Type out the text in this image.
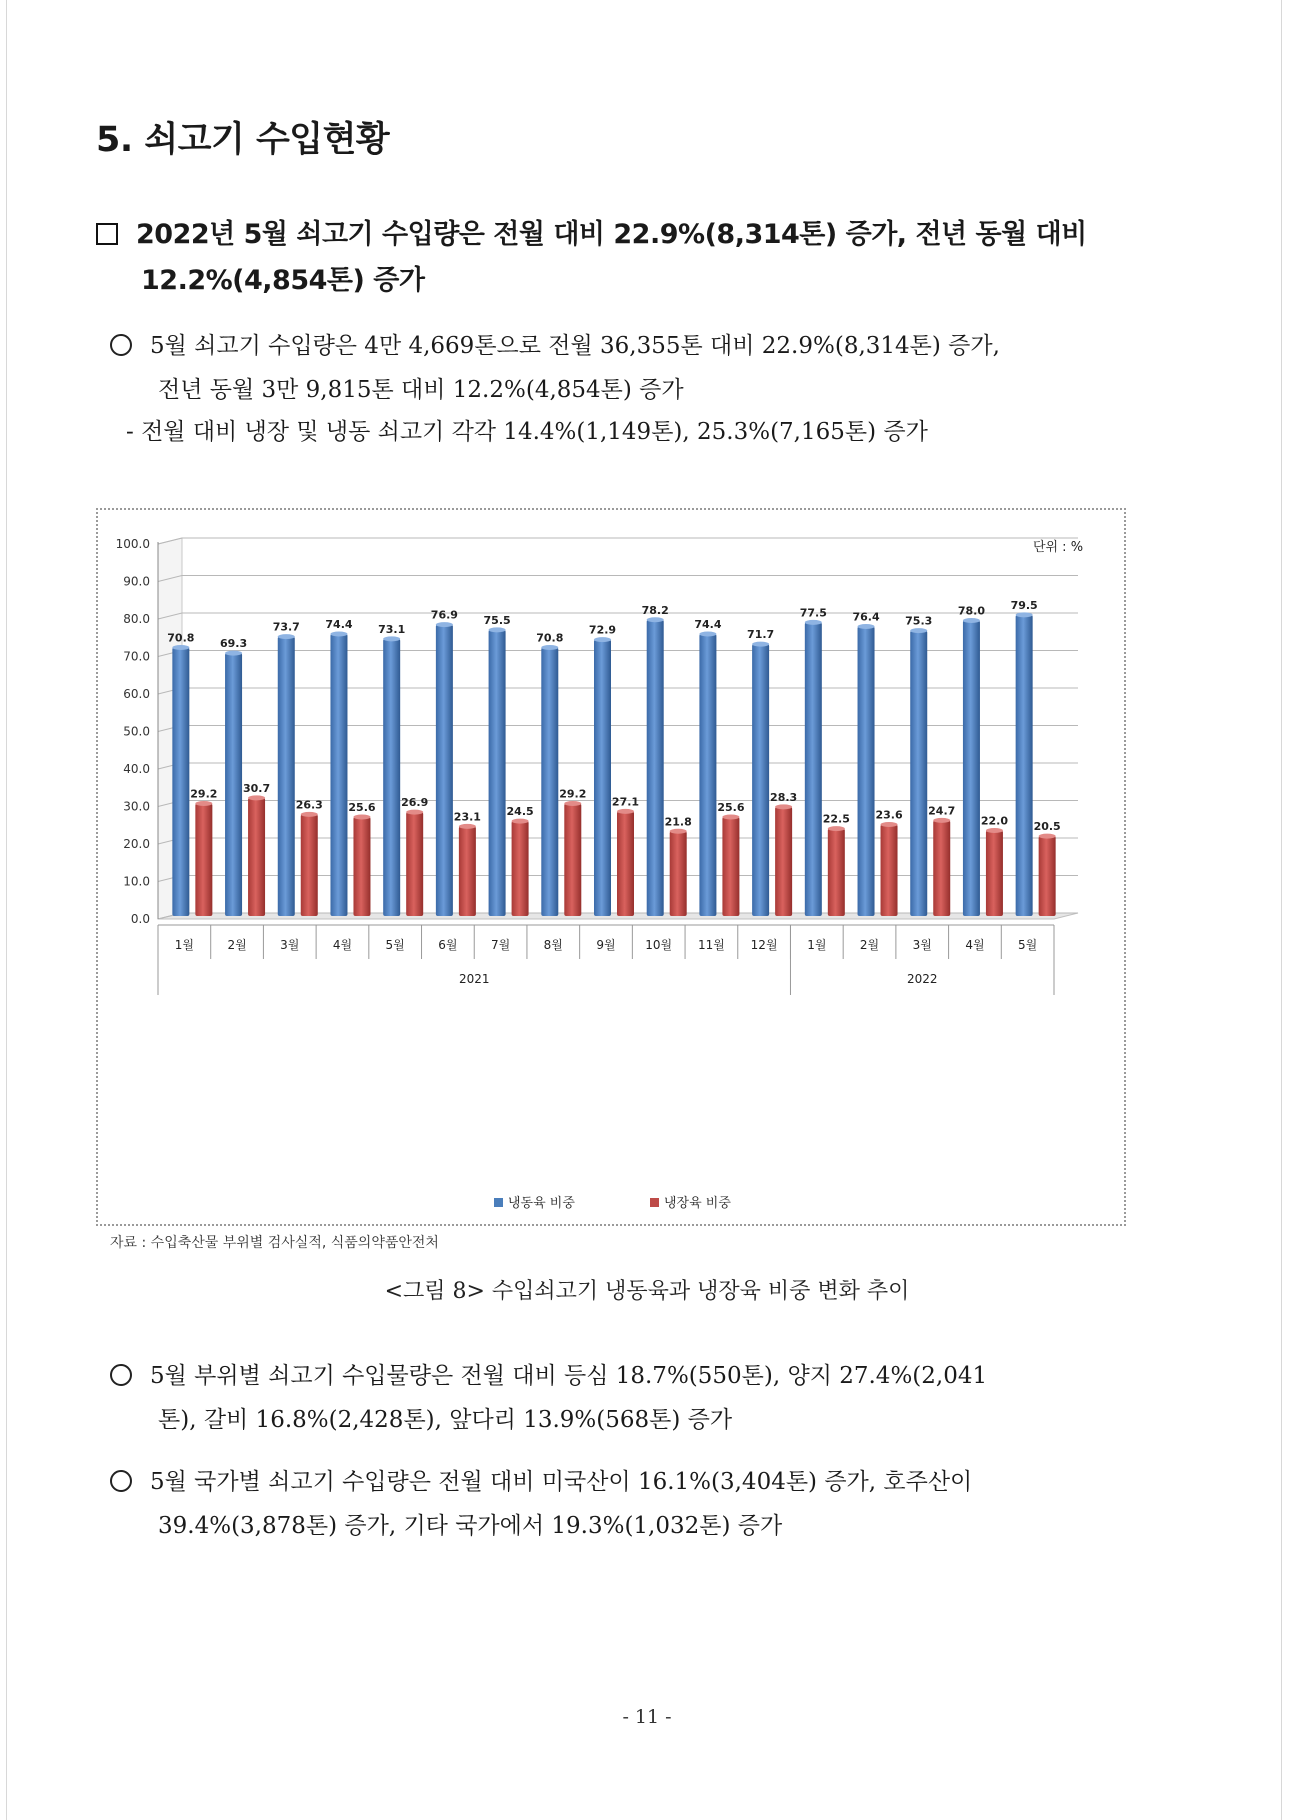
5. 쇠고기 수입현황

2022년 5월 쇠고기 수입량은 전월 대비 22.9%(8,314톤) 증가, 전년 동월 대비
12.2%(4,854톤) 증가

5월 쇠고기 수입량은 4만 4,669톤으로 전월 36,355톤 대비 22.9%(8,314톤) 증가,
전년 동월 3만 9,815톤 대비 12.2%(4,854톤) 증가

- 전월 대비 냉장 및 냉동 쇠고기 각각 14.4%(1,149톤), 25.3%(7,165톤) 증가

70.8
29.2
69.3
30.7
73.7
26.3
74.4
25.6
73.1
26.9
76.9
23.1
75.5
24.5
70.8
29.2
72.9
27.1
78.2
21.8
74.4
25.6
71.7
28.3
77.5
22.5
76.4
23.6
75.3
24.7
78.0
22.0
79.5
20.5
0.0
10.0
20.0
30.0
40.0
50.0
60.0
70.0
80.0
90.0
100.0
1월	2월	3월	4월	5월	6월	7월	8월	9월 10월 11월 12월 1월	2월	3월	4월	5월
2021	2022
단위 : %
냉동육 비중	냉장육 비중

자료 : 수입축산물 부위별 검사실적, 식품의약품안전처

<그림 8> 수입쇠고기 냉동육과 냉장육 비중 변화 추이

5월 부위별 쇠고기 수입물량은 전월 대비 등심 18.7%(550톤), 양지 27.4%(2,041
톤), 갈비 16.8%(2,428톤), 앞다리 13.9%(568톤) 증가

5월 국가별 쇠고기 수입량은 전월 대비 미국산이 16.1%(3,404톤) 증가, 호주산이
39.4%(3,878톤) 증가, 기타 국가에서 19.3%(1,032톤) 증가

- 11 -
